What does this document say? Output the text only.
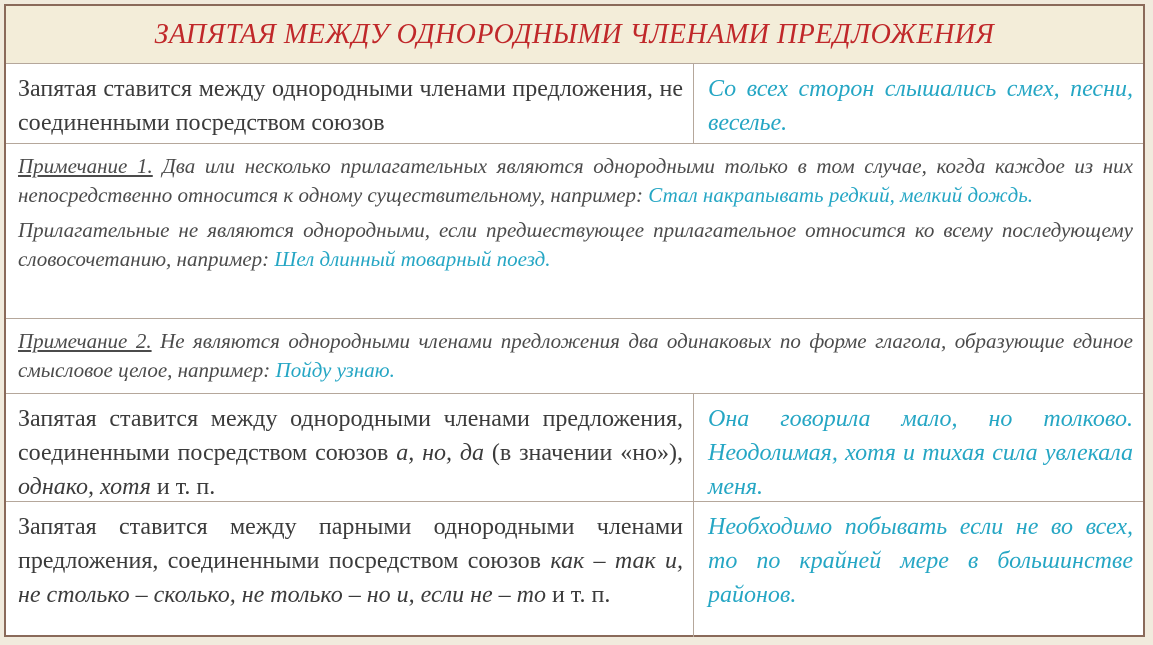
ЗАПЯТАЯ МЕЖДУ ОДНОРОДНЫМИ ЧЛЕНАМИ ПРЕДЛОЖЕНИЯ
Запятая ставится между однородными членами предложения, не соединенными посредством союзов
Со всех сторон слышались смех, песни, веселье.

Примечание 1. Два или несколько прилагательных являются однородными только в том случае, когда каждое из них непосредственно относится к одному существительному, например: Стал накрапывать редкий, мелкий дождь.

Прилагательные не являются однородными, если предшествующее прилагательное относится ко всему последующему словосочетанию, например: Шел длинный товарный поезд.

Примечание 2. Не являются однородными членами предложения два одинаковых по форме глагола, образующие единое смысловое целое, например: Пойду узнаю.

Запятая ставится между однородными членами предложения, соединенными посредством союзов а, но, да (в значении «но»), однако, хотя и т. п.
Она говорила мало, но толково. Неодолимая, хотя и тихая сила увлекала меня.
Запятая ставится между парными однородными членами предложения, соединенными посредством союзов как – так и, не столько – сколько, не только – но и, если не – то и т. п.
Необходимо побывать если не во всех, то по крайней мере в большинстве районов.
